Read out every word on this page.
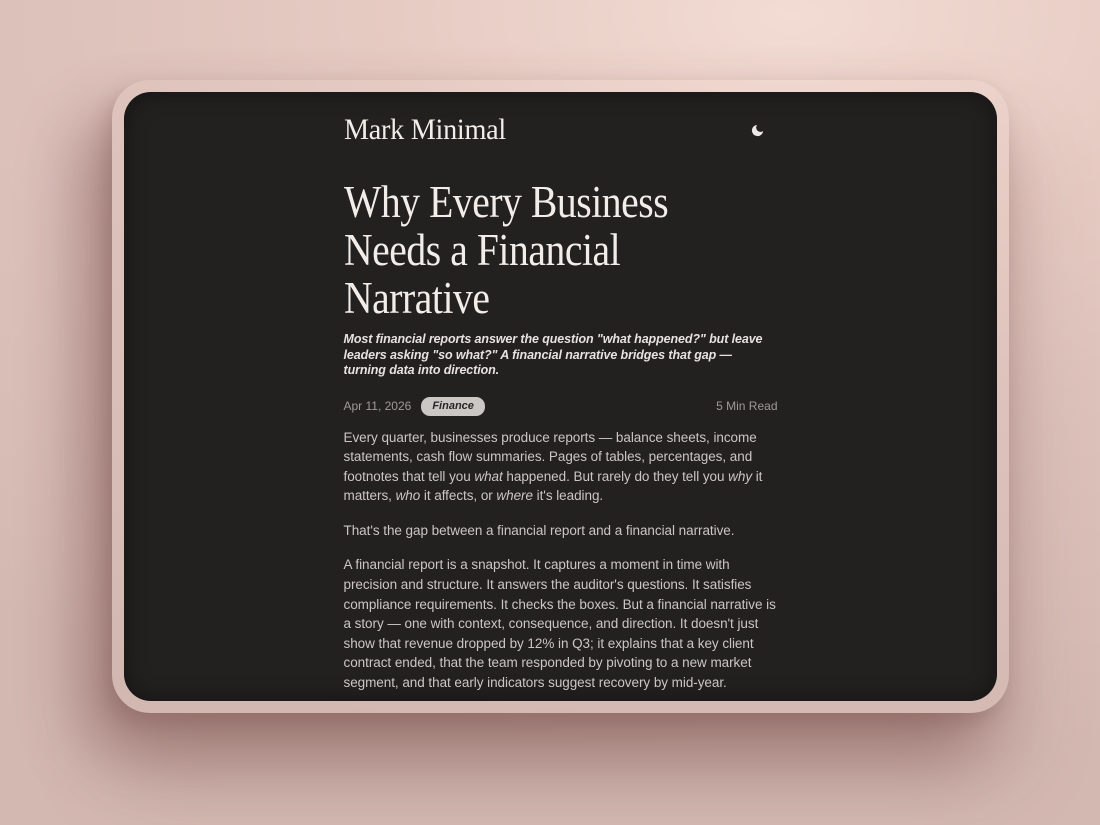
Mark Minimal
Why Every Business
Needs a Financial
Narrative

Most financial reports answer the question "what happened?" but leave leaders asking "so what?" A financial narrative bridges that gap — turning data into direction.

Apr 11, 2026	Finance	5 Min Read

Every quarter, businesses produce reports — balance sheets, income statements, cash flow summaries. Pages of tables, percentages, and footnotes that tell you what happened. But rarely do they tell you why it matters, who it affects, or where it's leading.

That's the gap between a financial report and a financial narrative.

A financial report is a snapshot. It captures a moment in time with precision and structure. It answers the auditor's questions. It satisfies compliance requirements. It checks the boxes. But a financial narrative is a story — one with context, consequence, and direction. It doesn't just show that revenue dropped by 12% in Q3; it explains that a key client contract ended, that the team responded by pivoting to a new market segment, and that early indicators suggest recovery by mid-year.
